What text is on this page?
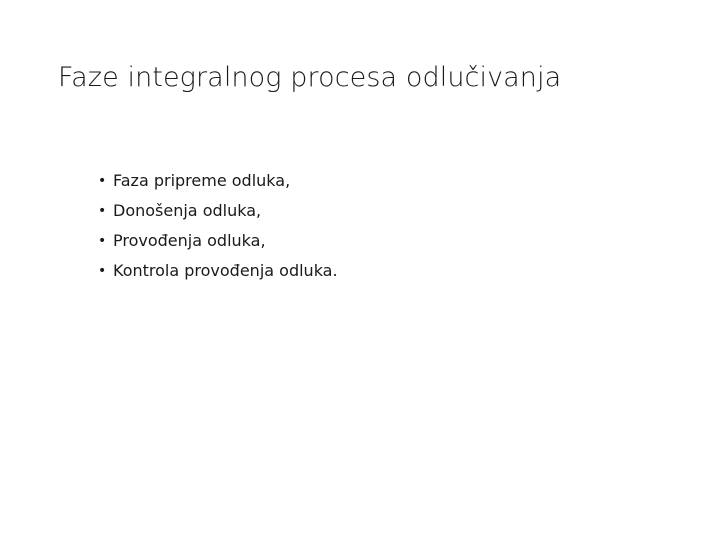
Faze integralnog procesa odlučivanja
• Faza pripreme odluka,
• Donošenja odluka,
• Provođenja odluka,
• Kontrola provođenja odluka.
